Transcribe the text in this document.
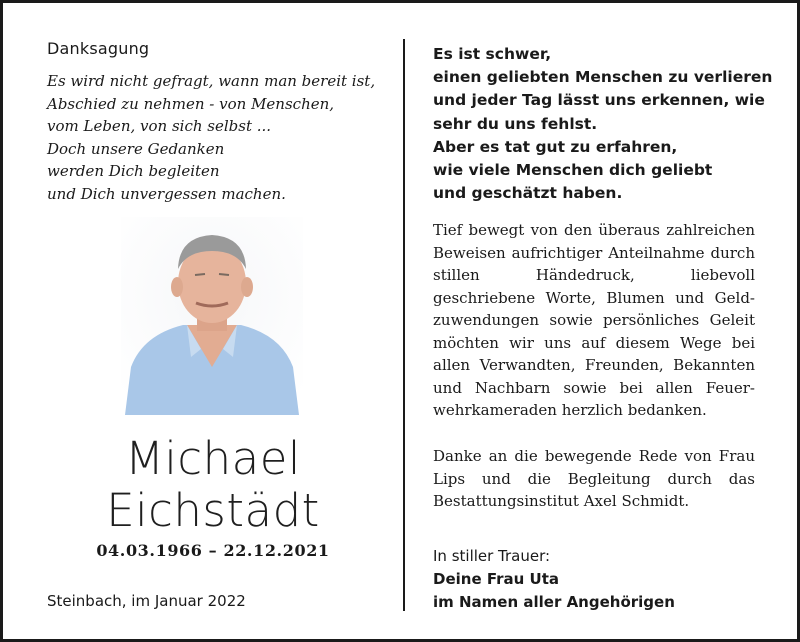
Danksagung
Es wird nicht gefragt, wann man bereit ist,
Abschied zu nehmen - von Menschen,
vom Leben, von sich selbst ...
Doch unsere Gedanken
werden Dich begleiten
und Dich unvergessen machen.
Michael
Eichstädt
04.03.1966 – 22.12.2021
Steinbach, im Januar 2022
Es ist schwer,
einen geliebten Menschen zu verlieren
und jeder Tag lässt uns erkennen, wie
sehr du uns fehlst.
Aber es tat gut zu erfahren,
wie viele Menschen dich geliebt
und geschätzt haben.
Tief bewegt von den überaus zahlreichen Beweisen aufrichtiger Anteilnahme durch stillen Händedruck, liebevoll geschriebene Worte, Blumen und Geldzuwendungen sowie persönliches Geleit möchten wir uns auf diesem Wege bei allen Verwandten, Freunden, Bekannten und Nachbarn sowie bei allen Feuerwehrkameraden herzlich bedanken.
Danke an die bewegende Rede von Frau Lips und die Begleitung durch das Bestattungsinstitut Axel Schmidt.
In stiller Trauer:
Deine Frau Uta
im Namen aller Angehörigen
